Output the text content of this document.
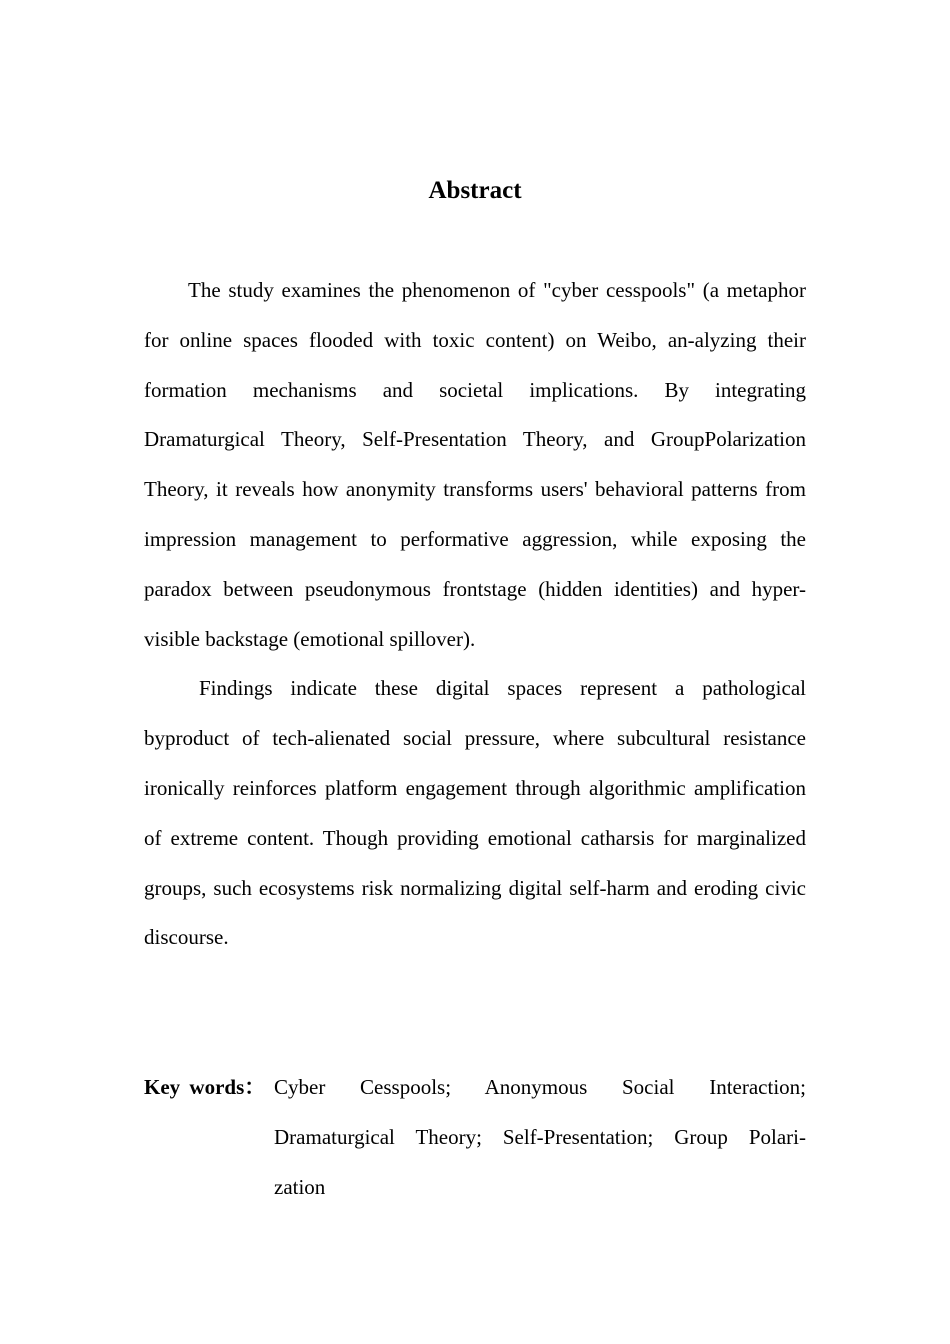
Abstract

The study examines the phenomenon of "cyber cesspools" (a metaphor for online spaces flooded with toxic content) on Weibo, an-alyzing their formation mechanisms and societal implications. By integrating Dramaturgical Theory, Self-Presentation Theory, and GroupPolarization Theory, it reveals how anonymity transforms users' behavioral patterns from impression management to performative aggression, while exposing the paradox between pseudonymous frontstage (hidden identities) and hyper-visible backstage (emotional spillover).

Findings indicate these digital spaces represent a pathological byproduct of tech-alienated social pressure, where subcultural resistance ironically reinforces platform engagement through algorithmic amplification of extreme content. Though providing emotional catharsis for marginalized groups, such ecosystems risk normalizing digital self-harm and eroding civic discourse.

Key words： Cyber Cesspools; Anonymous Social Interaction; Dramaturgical Theory; Self-Presentation; Group Polari-zation
